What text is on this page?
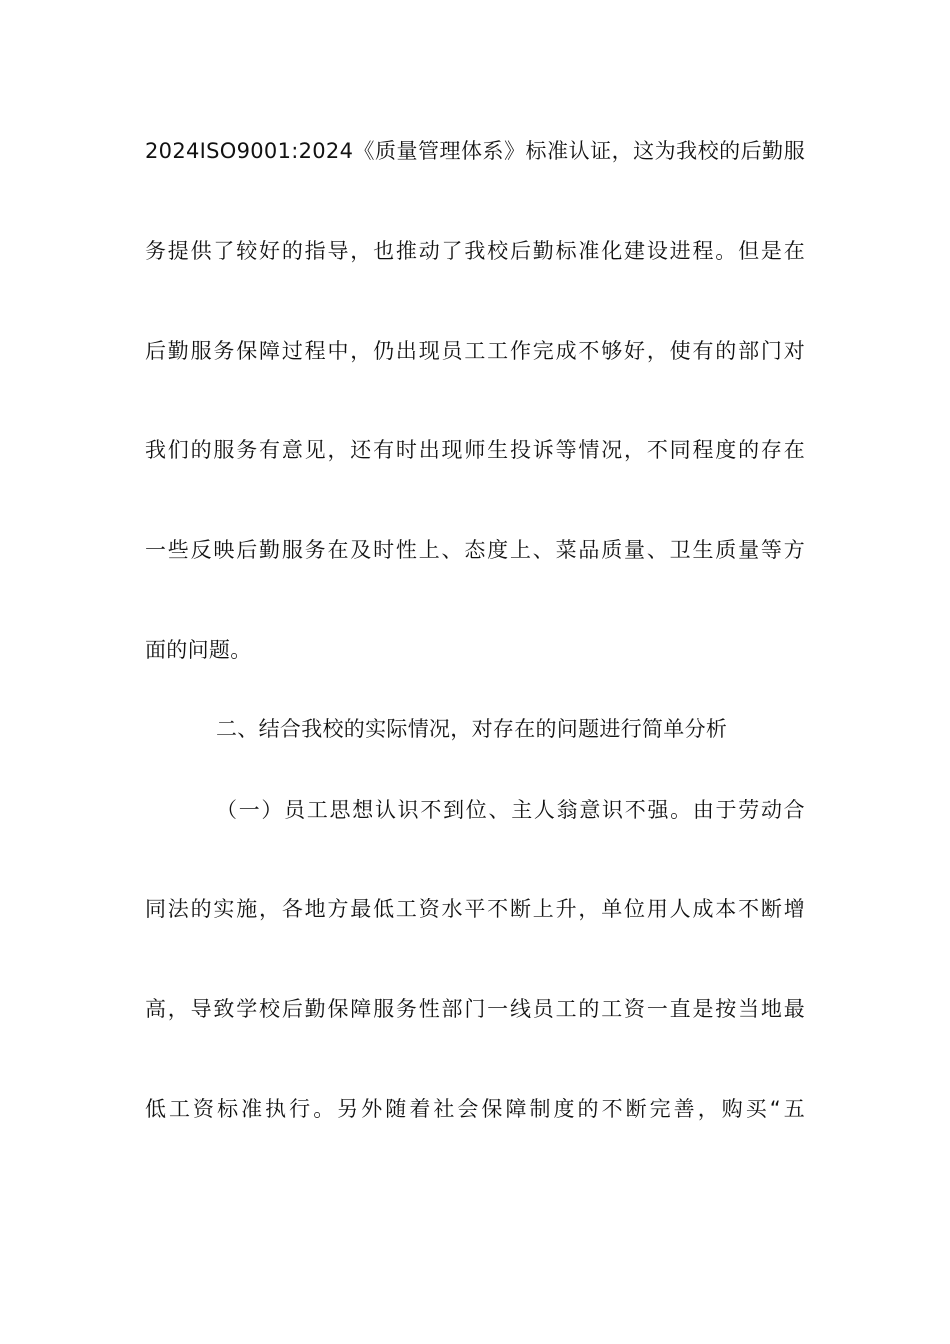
2024ISO9001:2024《质量管理体系》标准认证，这为我校的后勤服
务提供了较好的指导，也推动了我校后勤标准化建设进程。但是在
后勤服务保障过程中，仍出现员工工作完成不够好，使有的部门对
我们的服务有意见，还有时出现师生投诉等情况，不同程度的存在
一些反映后勤服务在及时性上、态度上、菜品质量、卫生质量等方
面的问题。
二、结合我校的实际情况，对存在的问题进行简单分析
（一）员工思想认识不到位、主人翁意识不强。由于劳动合
同法的实施，各地方最低工资水平不断上升，单位用人成本不断增
高，导致学校后勤保障服务性部门一线员工的工资一直是按当地最
低工资标准执行。另外随着社会保障制度的不断完善，购买“五
